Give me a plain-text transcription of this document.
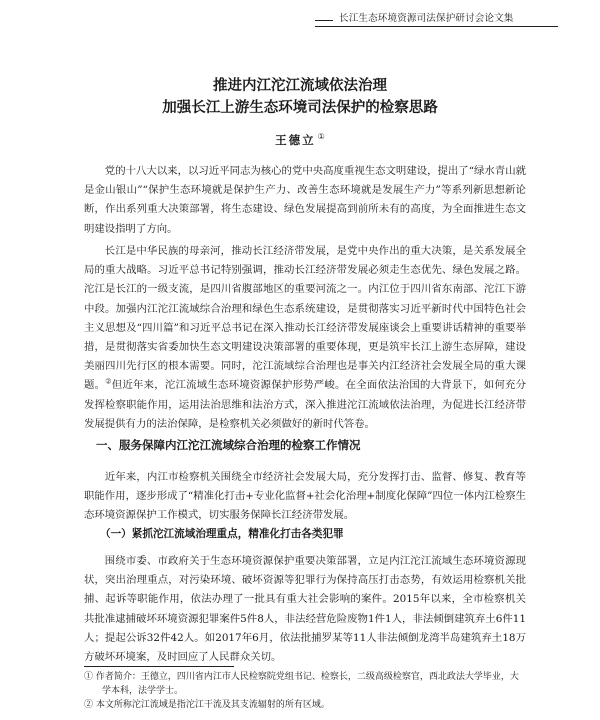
长江生态环境资源司法保护研讨会论文集
推进内江沱江流域依法治理
加强长江上游生态环境司法保护的检察思路
王德立 ①

党的十八大以来，以习近平同志为核心的党中央高度重视生态文明建设，提出了“绿水青山就是金山银山”“保护生态环境就是保护生产力、改善生态环境就是发展生产力”等系列新思想新论断，作出系列重大决策部署，将生态建设、绿色发展提高到前所未有的高度，为全面推进生态文明建设指明了方向。

长江是中华民族的母亲河，推动长江经济带发展，是党中央作出的重大决策，是关系发展全局的重大战略。习近平总书记特别强调，推动长江经济带发展必须走生态优先、绿色发展之路。沱江是长江的一级支流，是四川省腹部地区的重要河流之一。内江位于四川省东南部、沱江下游中段。加强内江沱江流域综合治理和绿色生态系统建设，是贯彻落实习近平新时代中国特色社会主义思想及“四川篇”和习近平总书记在深入推动长江经济带发展座谈会上重要讲话精神的重要举措，是贯彻落实省委加快生态文明建设决策部署的重要体现，更是筑牢长江上游生态屏障，建设美丽四川先行区的根本需要。同时，沱江流域综合治理也是事关内江经济社会发展全局的重大课题。②但近年来，沱江流域生态环境资源保护形势严峻。在全面依法治国的大背景下，如何充分发挥检察职能作用，运用法治思维和法治方式，深入推进沱江流域依法治理，为促进长江经济带发展提供有力的法治保障，是检察机关必须做好的新时代答卷。

一、服务保障内江沱江流域综合治理的检察工作情况

近年来，内江市检察机关围绕全市经济社会发展大局，充分发挥打击、监督、修复、教育等职能作用，逐步形成了“精准化打击+专业化监督+社会化治理+制度化保障”四位一体内江检察生态环境资源保护工作模式，切实服务保障长江经济带发展。

（一）紧抓沱江流域治理重点，精准化打击各类犯罪

围绕市委、市政府关于生态环境资源保护重要决策部署，立足内江沱江流域生态环境资源现状，突出治理重点，对污染环境、破坏资源等犯罪行为保持高压打击态势，有效运用检察机关批捕、起诉等职能作用，依法办理了一批具有重大社会影响的案件。2015年以来，全市检察机关共批准逮捕破坏环境资源犯罪案件5件8人，非法经营危险废物1件1人，非法倾倒建筑弃土6件11人；提起公诉32件42人。如2017年6月，依法批捕罗某等11人非法倾倒龙湾半岛建筑弃土18万方破坏环境案，及时回应了人民群众关切。

① 作者简介：王德立，四川省内江市人民检察院党组书记、检察长，二级高级检察官，西北政法大学毕业，大学本科，法学学士。
② 本文所称沱江流域是指沱江干流及其支流辐射的所有区域。
